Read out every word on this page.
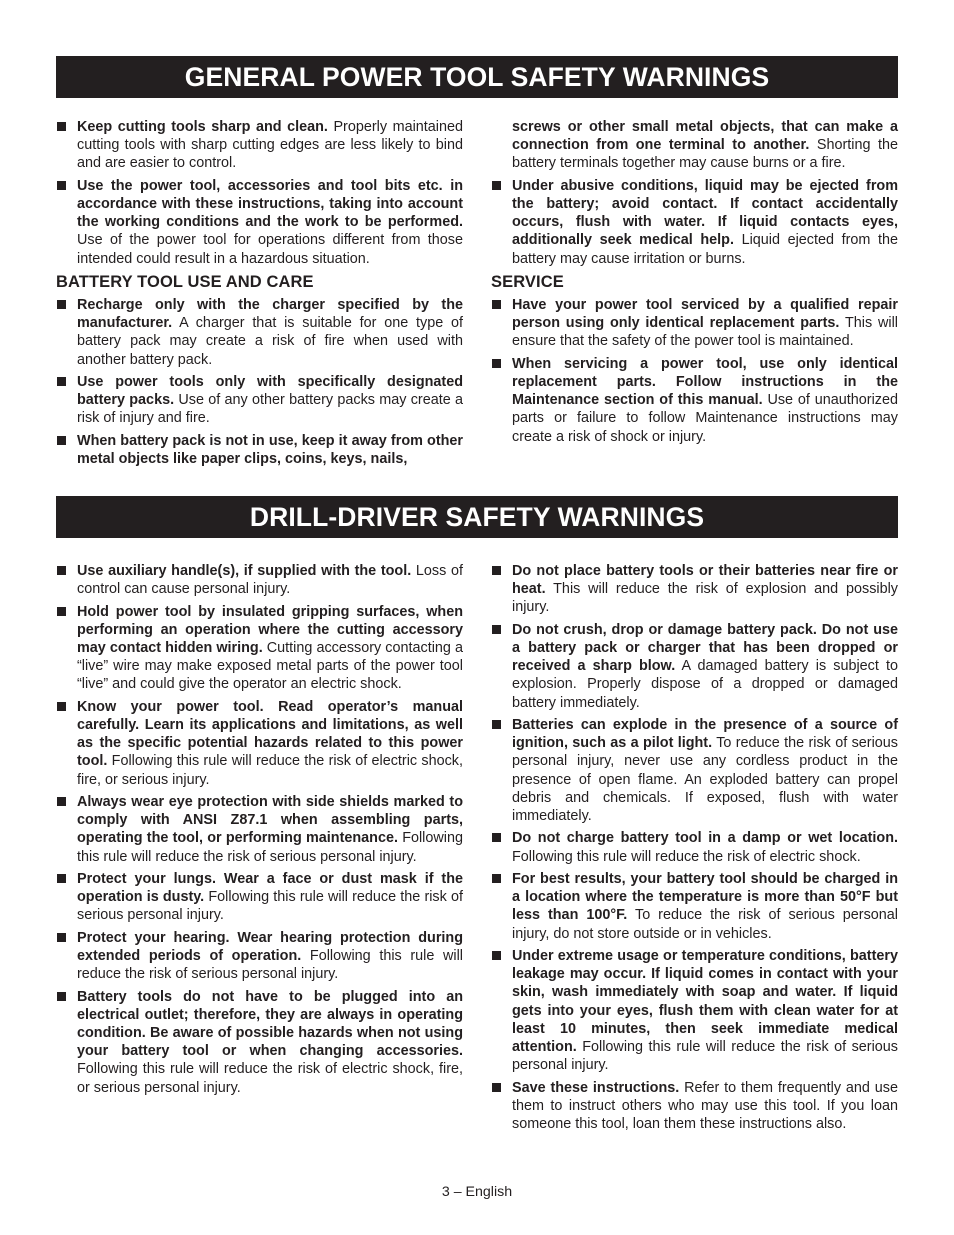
GENERAL POWER TOOL SAFETY WARNINGS
Keep cutting tools sharp and clean. Properly maintained cutting tools with sharp cutting edges are less likely to bind and are easier to control.
Use the power tool, accessories and tool bits etc. in accordance with these instructions, taking into account the working conditions and the work to be performed. Use of the power tool for operations different from those intended could result in a hazardous situation.
BATTERY TOOL USE AND CARE
Recharge only with the charger specified by the manufacturer. A charger that is suitable for one type of battery pack may create a risk of fire when used with another battery pack.
Use power tools only with specifically designated battery packs. Use of any other battery packs may create a risk of injury and fire.
When battery pack is not in use, keep it away from other metal objects like paper clips, coins, keys, nails,
screws or other small metal objects, that can make a connection from one terminal to another. Shorting the battery terminals together may cause burns or a fire.
Under abusive conditions, liquid may be ejected from the battery; avoid contact. If contact accidentally occurs, flush with water. If liquid contacts eyes, additionally seek medical help. Liquid ejected from the battery may cause irritation or burns.
SERVICE
Have your power tool serviced by a qualified repair person using only identical replacement parts. This will ensure that the safety of the power tool is maintained.
When servicing a power tool, use only identical replacement parts. Follow instructions in the Maintenance section of this manual. Use of unauthorized parts or failure to follow Maintenance instructions may create a risk of shock or injury.
DRILL-DRIVER SAFETY WARNINGS
Use auxiliary handle(s), if supplied with the tool. Loss of control can cause personal injury.
Hold power tool by insulated gripping surfaces, when performing an operation where the cutting accessory may contact hidden wiring. Cutting accessory contacting a “live” wire may make exposed metal parts of the power tool “live” and could give the operator an electric shock.
Know your power tool. Read operator’s manual carefully. Learn its applications and limitations, as well as the specific potential hazards related to this power tool. Following this rule will reduce the risk of electric shock, fire, or serious injury.
Always wear eye protection with side shields marked to comply with ANSI Z87.1 when assembling parts, operating the tool, or performing maintenance. Following this rule will reduce the risk of serious personal injury.
Protect your lungs. Wear a face or dust mask if the operation is dusty. Following this rule will reduce the risk of serious personal injury.
Protect your hearing. Wear hearing protection during extended periods of operation. Following this rule will reduce the risk of serious personal injury.
Battery tools do not have to be plugged into an electrical outlet; therefore, they are always in operating condition. Be aware of possible hazards when not using your battery tool or when changing accessories. Following this rule will reduce the risk of electric shock, fire, or serious personal injury.
Do not place battery tools or their batteries near fire or heat. This will reduce the risk of explosion and possibly injury.
Do not crush, drop or damage battery pack. Do not use a battery pack or charger that has been dropped or received a sharp blow. A damaged battery is subject to explosion. Properly dispose of a dropped or damaged battery immediately.
Batteries can explode in the presence of a source of ignition, such as a pilot light. To reduce the risk of serious personal injury, never use any cordless product in the presence of open flame. An exploded battery can propel debris and chemicals. If exposed, flush with water immediately.
Do not charge battery tool in a damp or wet location. Following this rule will reduce the risk of electric shock.
For best results, your battery tool should be charged in a location where the temperature is more than 50°F but less than 100°F. To reduce the risk of serious personal injury, do not store outside or in vehicles.
Under extreme usage or temperature conditions, battery leakage may occur. If liquid comes in contact with your skin, wash immediately with soap and water. If liquid gets into your eyes, flush them with clean water for at least 10 minutes, then seek immediate medical attention. Following this rule will reduce the risk of serious personal injury.
Save these instructions. Refer to them frequently and use them to instruct others who may use this tool. If you loan someone this tool, loan them these instructions also.
3 – English
